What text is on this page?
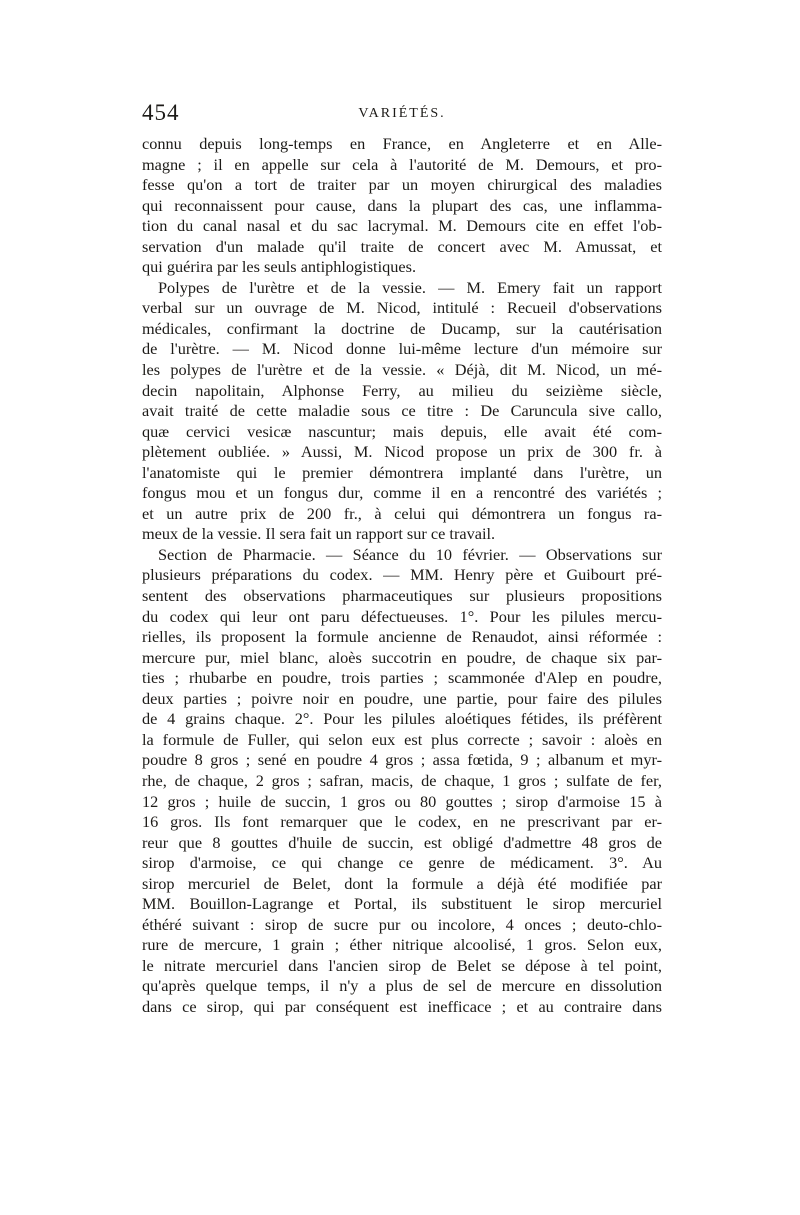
454	VARIÉTÉS.
connu depuis long-temps en France, en Angleterre et en Alle-
magne ; il en appelle sur cela à l'autorité de M. Demours, et pro-
fesse qu'on a tort de traiter par un moyen chirurgical des maladies
qui reconnaissent pour cause, dans la plupart des cas, une inflamma-
tion du canal nasal et du sac lacrymal. M. Demours cite en effet l'ob-
servation d'un malade qu'il traite de concert avec M. Amussat, et
qui guérira par les seuls antiphlogistiques.
Polypes de l'urètre et de la vessie. — M. Emery fait un rapport
verbal sur un ouvrage de M. Nicod, intitulé : Recueil d'observations
médicales, confirmant la doctrine de Ducamp, sur la cautérisation
de l'urètre. — M. Nicod donne lui-même lecture d'un mémoire sur
les polypes de l'urètre et de la vessie. « Déjà, dit M. Nicod, un mé-
decin napolitain, Alphonse Ferry, au milieu du seizième siècle,
avait traité de cette maladie sous ce titre : De Caruncula sive callo,
quæ cervici vesicæ nascuntur; mais depuis, elle avait été com-
plètement oubliée. » Aussi, M. Nicod propose un prix de 300 fr. à
l'anatomiste qui le premier démontrera implanté dans l'urètre, un
fongus mou et un fongus dur, comme il en a rencontré des variétés ;
et un autre prix de 200 fr., à celui qui démontrera un fongus ra-
meux de la vessie. Il sera fait un rapport sur ce travail.
Section de Pharmacie. — Séance du 10 février. — Observations sur
plusieurs préparations du codex. — MM. Henry père et Guibourt pré-
sentent des observations pharmaceutiques sur plusieurs propositions
du codex qui leur ont paru défectueuses. 1°. Pour les pilules mercu-
rielles, ils proposent la formule ancienne de Renaudot, ainsi réformée :
mercure pur, miel blanc, aloès succotrin en poudre, de chaque six par-
ties ; rhubarbe en poudre, trois parties ; scammonée d'Alep en poudre,
deux parties ; poivre noir en poudre, une partie, pour faire des pilules
de 4 grains chaque. 2°. Pour les pilules aloétiques fétides, ils préfèrent
la formule de Fuller, qui selon eux est plus correcte ; savoir : aloès en
poudre 8 gros ; sené en poudre 4 gros ; assa fœtida, 9 ; albanum et myr-
rhe, de chaque, 2 gros ; safran, macis, de chaque, 1 gros ; sulfate de fer,
12 gros ; huile de succin, 1 gros ou 80 gouttes ; sirop d'armoise 15 à
16 gros. Ils font remarquer que le codex, en ne prescrivant par er-
reur que 8 gouttes d'huile de succin, est obligé d'admettre 48 gros de
sirop d'armoise, ce qui change ce genre de médicament. 3°. Au
sirop mercuriel de Belet, dont la formule a déjà été modifiée par
MM. Bouillon-Lagrange et Portal, ils substituent le sirop mercuriel
éthéré suivant : sirop de sucre pur ou incolore, 4 onces ; deuto-chlo-
rure de mercure, 1 grain ; éther nitrique alcoolisé, 1 gros. Selon eux,
le nitrate mercuriel dans l'ancien sirop de Belet se dépose à tel point,
qu'après quelque temps, il n'y a plus de sel de mercure en dissolution
dans ce sirop, qui par conséquent est inefficace ; et au contraire dans
